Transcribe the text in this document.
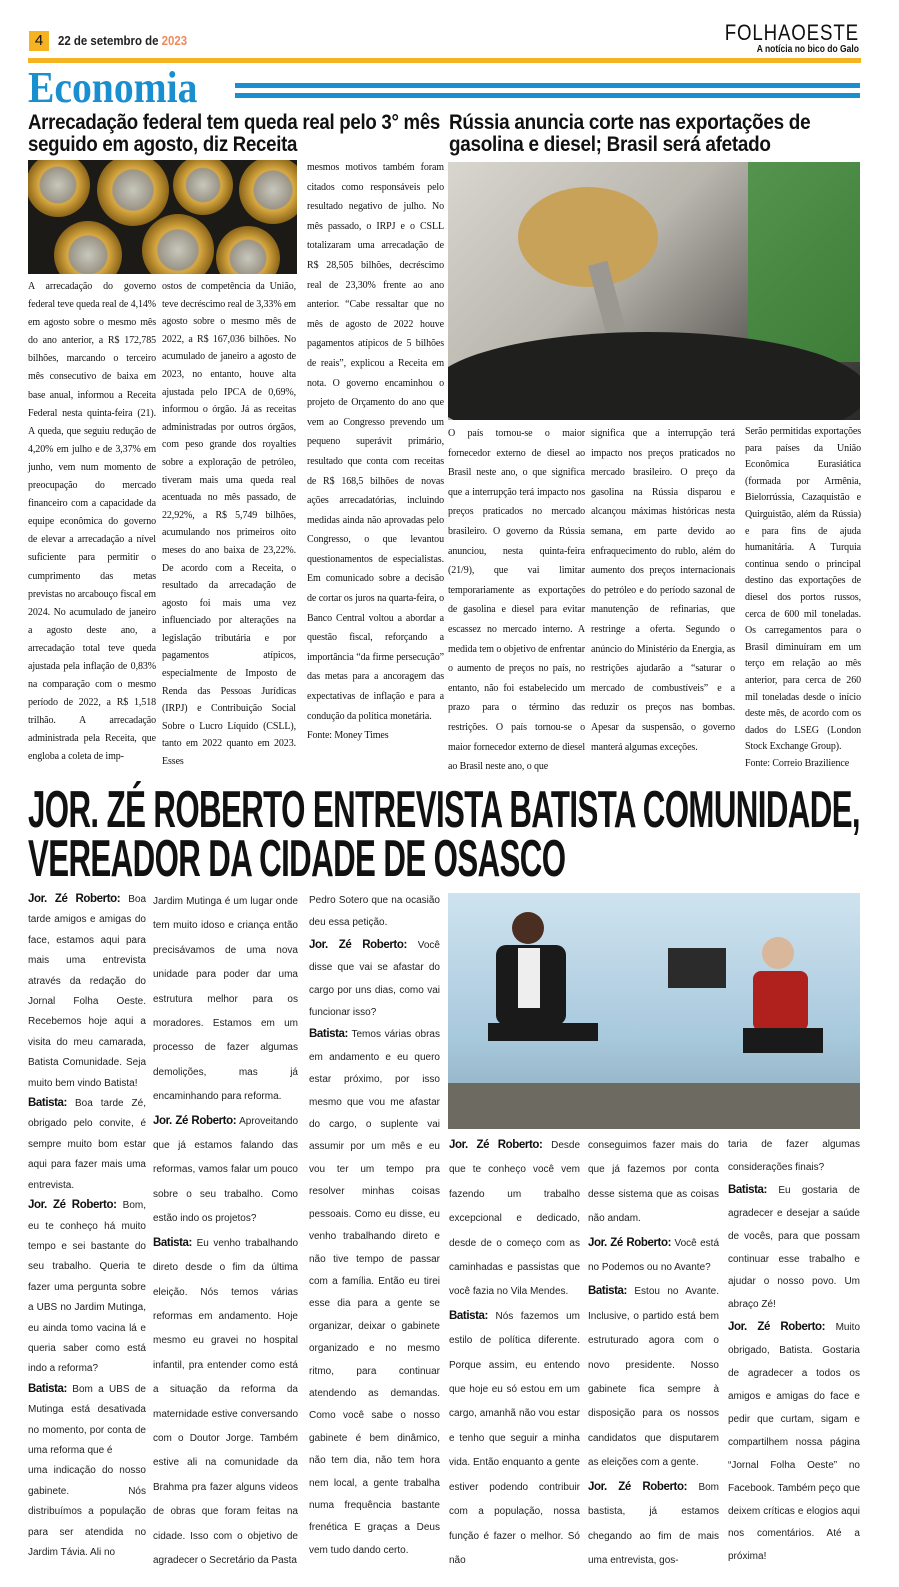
4	22 de setembro de 2023	FOLHAOESTE
A notícia no bico do Galo
Economia
Arrecadação federal tem queda real pelo 3° mês
seguido em agosto, diz Receita
A arrecadação do governo federal teve queda real de 4,14% em agosto sobre o mesmo mês do ano anterior, a R$ 172,785 bilhões, marcando o terceiro mês consecutivo de baixa em base anual, informou a Receita Federal nesta quinta-feira (21). A queda, que seguiu redução de 4,20% em julho e de 3,37% em junho, vem num momento de preocupação do mercado financeiro com a capacidade da equipe econômica do governo de elevar a arrecadação a nível suficiente para permitir o cumprimento das metas previstas no arcabouço fiscal em 2024. No acumulado de janeiro a agosto deste ano, a arrecadação total teve queda ajustada pela inflação de 0,83% na comparação com o mesmo período de 2022, a R$ 1,518 trilhão. A arrecadação administrada pela Receita, que engloba a coleta de imp-
ostos de competência da União, teve decréscimo real de 3,33% em agosto sobre o mesmo mês de 2022, a R$ 167,036 bilhões. No acumulado de janeiro a agosto de 2023, no entanto, houve alta ajustada pelo IPCA de 0,69%, informou o órgão. Já as receitas administradas por outros órgãos, com peso grande dos royalties sobre a exploração de petróleo, tiveram mais uma queda real acentuada no mês passado, de 22,92%, a R$ 5,749 bilhões, acumulando nos primeiros oito meses do ano baixa de 23,22%. De acordo com a Receita, o resultado da arrecadação de agosto foi mais uma vez influenciado por alterações na legislação tributária e por pagamentos atípicos, especialmente de Imposto de Renda das Pessoas Jurídicas (IRPJ) e Contribuição Social Sobre o Lucro Líquido (CSLL), tanto em 2022 quanto em 2023. Esses
mesmos motivos também foram citados como responsáveis pelo resultado negativo de julho. No mês passado, o IRPJ e o CSLL totalizaram uma arrecadação de R$ 28,505 bilhões, decréscimo real de 23,30% frente ao ano anterior. “Cabe ressaltar que no mês de agosto de 2022 houve pagamentos atípicos de 5 bilhões de reais”, explicou a Receita em nota. O governo encaminhou o projeto de Orçamento do ano que vem ao Congresso prevendo um pequeno superávit primário, resultado que conta com receitas de R$ 168,5 bilhões de novas ações arrecadatórias, incluindo medidas ainda não aprovadas pelo Congresso, o que levantou questionamentos de especialistas. Em comunicado sobre a decisão de cortar os juros na quarta-feira, o Banco Central voltou a abordar a questão fiscal, reforçando a importância “da firme persecução” das metas para a ancoragem das expectativas de inflação e para a condução da política monetária.
Fonte: Money Times
Rússia anuncia corte nas exportações de
gasolina e diesel; Brasil será afetado
O país tornou-se o maior fornecedor externo de diesel ao Brasil neste ano, o que significa que a interrupção terá impacto nos preços praticados no mercado brasileiro. O governo da Rússia anunciou, nesta quinta-feira (21/9), que vai limitar temporariamente as exportações de gasolina e diesel para evitar escassez no mercado interno. A medida tem o objetivo de enfrentar o aumento de preços no país, no entanto, não foi estabelecido um prazo para o término das restrições. O país tornou-se o maior fornecedor externo de diesel ao Brasil neste ano, o que
significa que a interrupção terá impacto nos preços praticados no mercado brasileiro. O preço da gasolina na Rússia disparou e alcançou máximas históricas nesta semana, em parte devido ao enfraquecimento do rublo, além do aumento dos preços internacionais do petróleo e do período sazonal de manutenção de refinarias, que restringe a oferta. Segundo o anúncio do Ministério da Energia, as restrições ajudarão a “saturar o mercado de combustíveis” e a reduzir os preços nas bombas. Apesar da suspensão, o governo manterá algumas exceções.
Serão permitidas exportações para países da União Econômica Eurasiática (formada por Armênia, Bielorrússia, Cazaquistão e Quirguistão, além da Rússia) e para fins de ajuda humanitária. A Turquia continua sendo o principal destino das exportações de diesel dos portos russos, cerca de 600 mil toneladas. Os carregamentos para o Brasil diminuíram em um terço em relação ao mês anterior, para cerca de 260 mil toneladas desde o início deste mês, de acordo com os dados do LSEG (London Stock Exchange Group).
Fonte: Correio Brazilience
JOR. ZÉ ROBERTO ENTREVISTA BATISTA COMUNIDADE,
VEREADOR DA CIDADE DE OSASCO

Jor. Zé Roberto: Boa tarde amigos e amigas do face, estamos aqui para mais uma entrevista através da redação do Jornal Folha Oeste. Recebemos hoje aqui a visita do meu camarada, Batista Comunidade. Seja muito bem vindo Batista!

Batista: Boa tarde Zé, obrigado pelo convite, é sempre muito bom estar aqui para fazer mais uma entrevista.

Jor. Zé Roberto: Bom, eu te conheço há muito tempo e sei bastante do seu trabalho. Queria te fazer uma pergunta sobre a UBS no Jardim Mutinga, eu ainda tomo vacina lá e queria saber como está indo a reforma?

Batista: Bom a UBS de Mutinga está desativada no momento, por conta de uma reforma que é

uma indicação do nosso gabinete. Nós distribuímos a população para ser atendida no Jardim Távia. Ali no

Jardim Mutinga é um lugar onde tem muito idoso e criança então precisávamos de uma nova unidade para poder dar uma estrutura melhor para os moradores. Estamos em um processo de fazer algumas demolições, mas já encaminhando para reforma.

Jor. Zé Roberto: Aproveitando que já estamos falando das reformas, vamos falar um pouco sobre o seu trabalho. Como estão indo os projetos?

Batista: Eu venho trabalhando direto desde o fim da última eleição. Nós temos várias reformas em andamento. Hoje mesmo eu gravei no hospital infantil, pra entender como está a situação da reforma da maternidade estive conversando com o Doutor Jorge. Também estive ali na comunidade da Brahma pra fazer alguns videos de obras que foram feitas na cidade. Isso com o objetivo de agradecer o Secretário da Pasta

Pedro Sotero que na ocasião deu essa petição.

Jor. Zé Roberto: Você disse que vai se afastar do cargo por uns dias, como vai funcionar isso?

Batista: Temos várias obras em andamento e eu quero estar próximo, por isso mesmo que vou me afastar do cargo, o suplente vai assumir por um mês e eu vou ter um tempo pra resolver minhas coisas pessoais. Como eu disse, eu venho trabalhando direto e não tive tempo de passar com a família. Então eu tirei esse dia para a gente se organizar, deixar o gabinete organizado e no mesmo ritmo, para continuar atendendo as demandas. Como você sabe o nosso gabinete é bem dinâmico, não tem dia, não tem hora nem local, a gente trabalha numa frequência bastante frenética E graças a Deus vem tudo dando certo.

Jor. Zé Roberto: Desde que te conheço você vem fazendo um trabalho excepcional e dedicado, desde de o começo com as caminhadas e passistas que você fazia no Vila Mendes.

Batista: Nós fazemos um estilo de política diferente. Porque assim, eu entendo que hoje eu só estou em um cargo, amanhã não vou estar e tenho que seguir a minha vida. Então enquanto a gente estiver podendo contribuir com a população, nossa função é fazer o melhor. Só não

conseguimos fazer mais do que já fazemos por conta desse sistema que as coisas não andam.

Jor. Zé Roberto: Você está no Podemos ou no Avante?

Batista: Estou no Avante. Inclusive, o partido está bem estruturado agora com o novo presidente. Nosso gabinete fica sempre à disposição para os nossos candidatos que disputarem as eleições com a gente.

Jor. Zé Roberto: Bom bastista, já estamos chegando ao fim de mais uma entrevista, gos-

taria de fazer algumas considerações finais?

Batista: Eu gostaria de agradecer e desejar a saúde de vocês, para que possam continuar esse trabalho e ajudar o nosso povo. Um abraço Zé!

Jor. Zé Roberto: Muito obrigado, Batista. Gostaria de agradecer a todos os amigos e amigas do face e pedir que curtam, sigam e compartilhem nossa página “Jornal Folha Oeste” no Facebook. Também peço que deixem críticas e elogios aqui nos comentários. Até a próxima!
